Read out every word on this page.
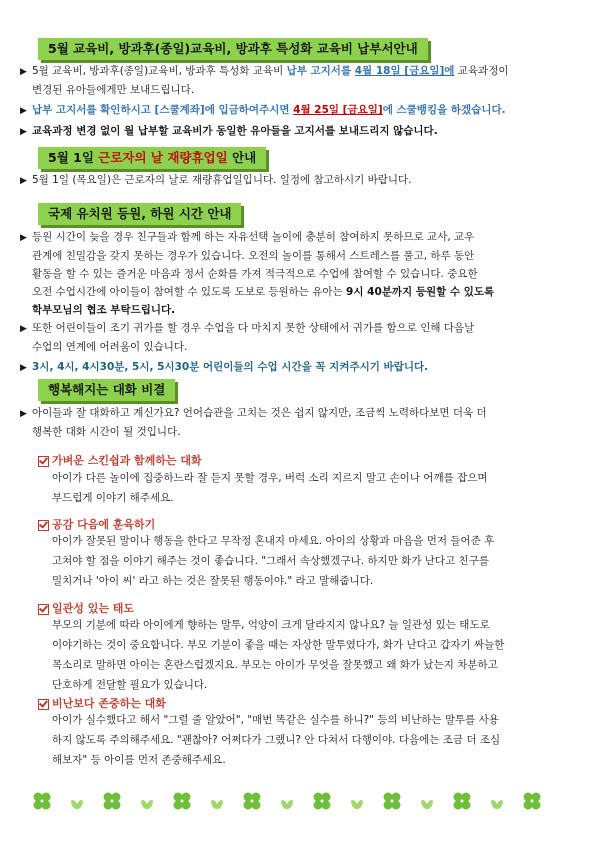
5월 교육비, 방과후(종일)교육비, 방과후 특성화 교육비 납부서안내
▶ 5월 교육비, 방과후(종일)교육비, 방과후 특성화 교육비 납부 고지서를 4월 18일 [금요일]에 교육과정이
변경된 유아들에게만 보내드립니다.
▶ 납부 고지서를 확인하시고 [스쿨계좌]에 입금하여주시면 4월 25일 [금요일]에 스쿨뱅킹을 하겠습니다.
▶ 교육과정 변경 없이 월 납부할 교육비가 동일한 유아들을 고지서를 보내드리지 않습니다.
5월 1일 근로자의 날 재량휴업일 안내
▶ 5월 1일 (목요일)은 근로자의 날로 재량휴업일입니다. 일정에 참고하시기 바랍니다.
국제 유치원 등원, 하원 시간 안내
▶ 등원 시간이 늦을 경우 친구들과 함께 하는 자유선택 놀이에 충분히 참여하지 못하므로 교사, 교우
관계에 친밀감을 갖지 못하는 경우가 있습니다. 오전의 놀이를 통해서 스트레스를 풀고, 하루 동안
활동을 할 수 있는 즐거운 마음과 정서 순화를 가져 적극적으로 수업에 참여할 수 있습니다. 중요한
오전 수업시간에 아이들이 참여할 수 있도록 도보로 등원하는 유아는 9시 40분까지 등원할 수 있도록
학부모님의 협조 부탁드립니다.
▶ 또한 어린이들이 조기 귀가를 할 경우 수업을 다 마치지 못한 상태에서 귀가를 함으로 인해 다음날
수업의 연계에 어려움이 있습니다.
▶ 3시, 4시, 4시30분, 5시, 5시30분 어린이들의 수업 시간을 꼭 지켜주시기 바랍니다.
행복해지는 대화 비결
▶ 아이들과 잘 대화하고 계신가요? 언어습관을 고치는 것은 쉽지 않지만, 조금씩 노력하다보면 더욱 더
행복한 대화 시간이 될 것입니다.
가벼운 스킨쉽과 함께하는 대화
아이가 다른 놀이에 집중하느라 잘 듣지 못할 경우, 버럭 소리 지르지 말고 손이나 어깨를 잡으며
부드럽게 이야기 해주세요.
공감 다음에 훈육하기
아이가 잘못된 말이나 행동을 한다고 무작정 혼내지 마세요. 아이의 상황과 마음을 먼저 들어준 후
고쳐야 할 점을 이야기 해주는 것이 좋습니다. "그래서 속상했겠구나. 하지만 화가 난다고 친구를
밀치거나 '아이 씨' 라고 하는 것은 잘못된 행동이야." 라고 말해줍니다.
일관성 있는 태도
부모의 기분에 따라 아이에게 향하는 말투, 억양이 크게 달라지지 않나요? 늘 일관성 있는 태도로
이야기하는 것이 중요합니다. 부모 기분이 좋을 때는 자상한 말투였다가, 화가 난다고 갑자기 싸늘한
목소리로 말하면 아이는 혼란스럽겠지요. 부모는 아이가 무엇을 잘못했고 왜 화가 났는지 차분하고
단호하게 전달할 필요가 있습니다.
비난보다 존중하는 대화
아이가 실수했다고 해서 "그럴 줄 알았어", "매번 똑같은 실수를 하니?" 등의 비난하는 말투를 사용
하지 않도록 주의해주세요. "괜찮아? 어쩌다가 그랬니? 안 다쳐서 다행이야. 다음에는 조금 더 조심
해보자" 등 아이를 먼저 존중해주세요.
